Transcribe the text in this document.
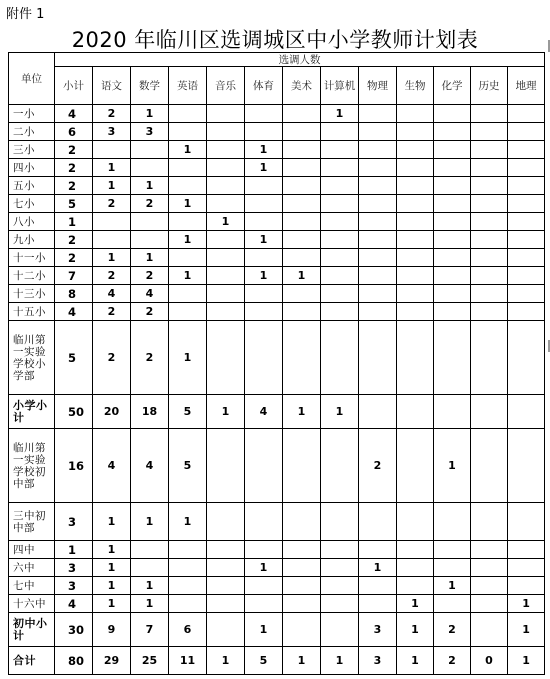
附件 1
2020 年临川区选调城区中小学教师计划表
单位	选调人数												
	小计	语文	数学	英语	音乐	体育	美术	计算机	物理	生物	化学	历史	地理
一小	4	2	1					1					
二小	6	3	3										
三小	2			1		1							
四小	2	1				1							
五小	2	1	1										
七小	5	2	2	1									
八小	1				1								
九小	2			1		1							
十一小	2	1	1										
十二小	7	2	2	1		1	1						
十三小	8	4	4										
十五小	4	2	2										
临川第一实验学校小学部	5	2	2	1									
小学小计	50	20	18	5	1	4	1	1					
临川第一实验学校初中部	16	4	4	5					2		1		
三中初中部	3	1	1	1									
四中	1	1											
六中	3	1				1			1				
七中	3	1	1								1		
十六中	4	1	1							1			1
初中小计	30	9	7	6		1			3	1	2		1
合计	80	29	25	11	1	5	1	1	3	1	2	0	1
